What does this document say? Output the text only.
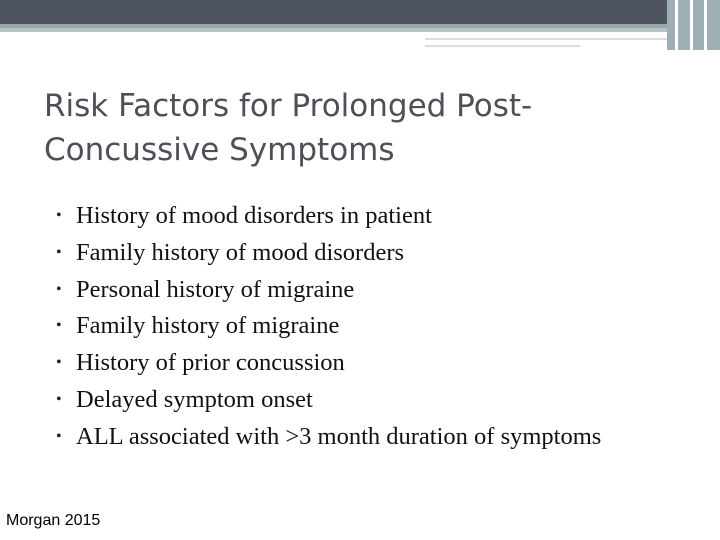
Risk Factors for Prolonged Post-
Concussive Symptoms
• History of mood disorders in patient
• Family history of mood disorders
• Personal history of migraine
• Family history of migraine
• History of prior concussion
• Delayed symptom onset
• ALL associated with >3 month duration of symptoms
Morgan 2015
